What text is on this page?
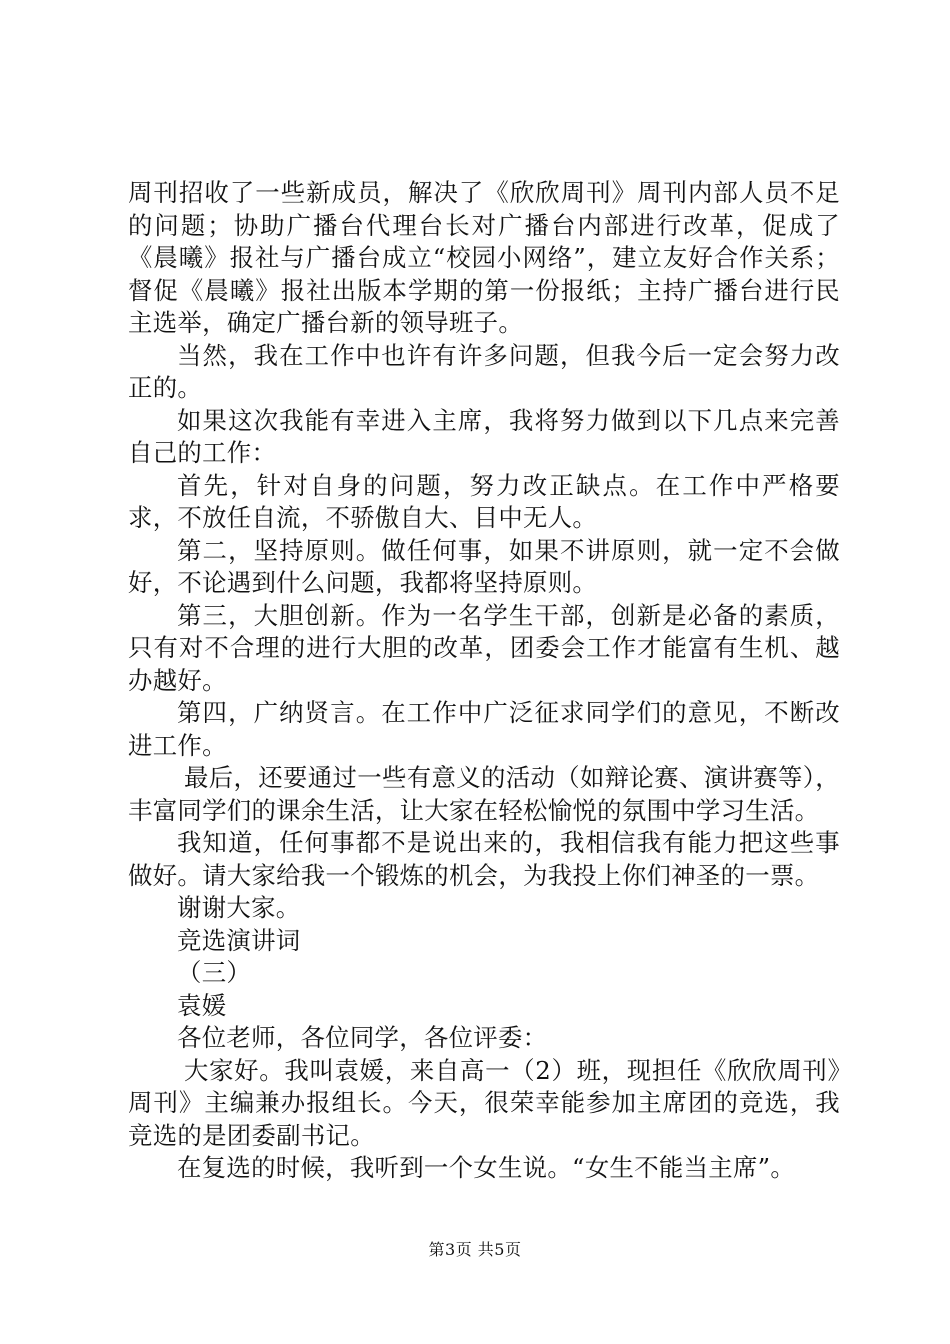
周刊招收了一些新成员，解决了《欣欣周刊》周刊内部人员不足的问题；协助广播台代理台长对广播台内部进行改革，促成了《晨曦》报社与广播台成立“校园小网络”，建立友好合作关系；督促《晨曦》报社出版本学期的第一份报纸；主持广播台进行民主选举，确定广播台新的领导班子。

当然，我在工作中也许有许多问题，但我今后一定会努力改正的。

如果这次我能有幸进入主席，我将努力做到以下几点来完善自己的工作：

首先，针对自身的问题，努力改正缺点。在工作中严格要求，不放任自流，不骄傲自大、目中无人。

第二，坚持原则。做任何事，如果不讲原则，就一定不会做好，不论遇到什么问题，我都将坚持原则。

第三，大胆创新。作为一名学生干部，创新是必备的素质，只有对不合理的进行大胆的改革，团委会工作才能富有生机、越办越好。

第四，广纳贤言。在工作中广泛征求同学们的意见，不断改进工作。

最后，还要通过一些有意义的活动（如辩论赛、演讲赛等），丰富同学们的课余生活，让大家在轻松愉悦的氛围中学习生活。

我知道，任何事都不是说出来的，我相信我有能力把这些事做好。请大家给我一个锻炼的机会，为我投上你们神圣的一票。

谢谢大家。

竞选演讲词

（三）

袁媛

各位老师，各位同学，各位评委：

大家好。我叫袁媛，来自高一（2）班，现担任《欣欣周刊》周刊》主编兼办报组长。今天，很荣幸能参加主席团的竞选，我竞选的是团委副书记。

在复选的时候，我听到一个女生说。“女生不能当主席”。

第3页 共5页
